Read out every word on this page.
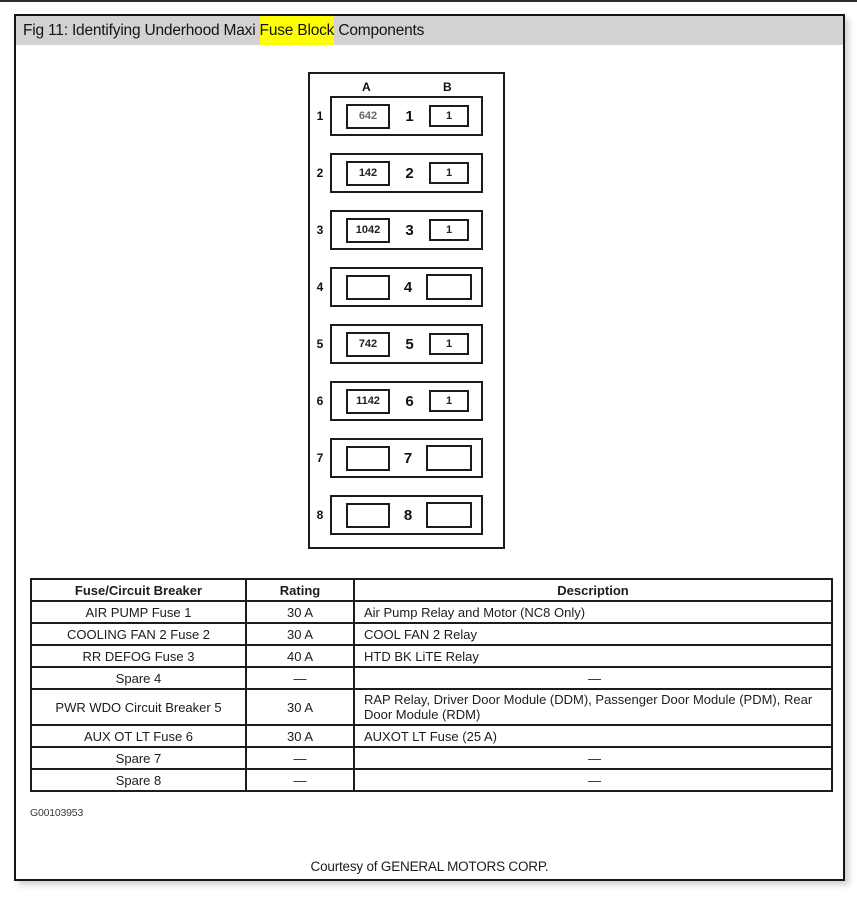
Fig 11: Identifying Underhood Maxi Fuse Block Components
A	B
1	642	1	1
2	142	2	1
3	1042	3	1
4	4
5	742	5	1
6	1142	6	1
7	7
8	8
Fuse/Circuit Breaker	Rating	Description
AIR PUMP Fuse 1	30 A	Air Pump Relay and Motor (NC8 Only)
COOLING FAN 2 Fuse 2	30 A	COOL FAN 2 Relay
RR DEFOG Fuse 3	40 A	HTD BK LiTE Relay
Spare 4	—	—
PWR WDO Circuit Breaker 5	30 A	RAP Relay, Driver Door Module (DDM), Passenger Door Module (PDM), Rear Door Module (RDM)
AUX OT LT Fuse 6	30 A	AUXOT LT Fuse (25 A)
Spare 7	—	—
Spare 8	—	—
G00103953
Courtesy of GENERAL MOTORS CORP.
